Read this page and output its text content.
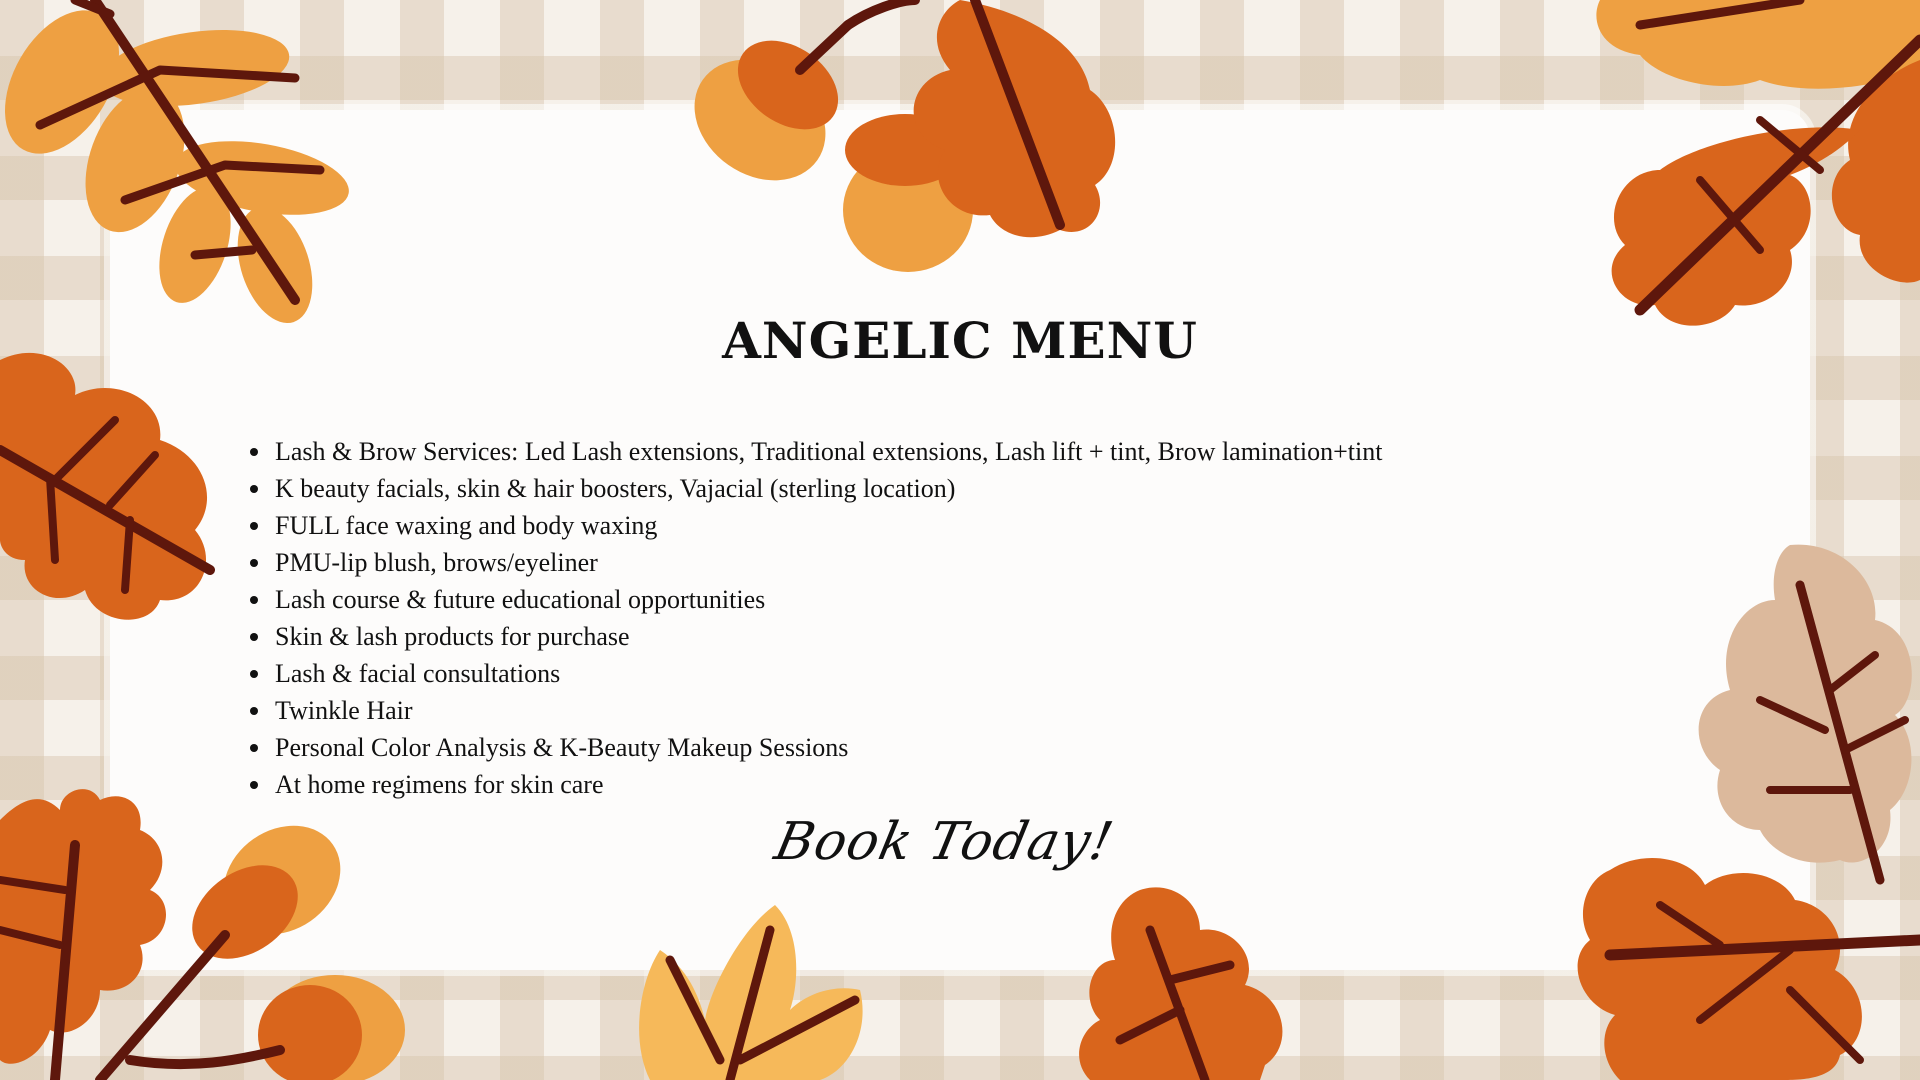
ANGELIC MENU
Lash & Brow Services: Led Lash extensions, Traditional extensions, Lash lift + tint, Brow lamination+tint
K beauty facials, skin & hair boosters, Vajacial (sterling location)
FULL face waxing and body waxing
PMU-lip blush, brows/eyeliner
Lash course & future educational opportunities
Skin & lash products for purchase
Lash & facial consultations
Twinkle Hair
Personal Color Analysis & K-Beauty Makeup Sessions
At home regimens for skin care
Book Today!
